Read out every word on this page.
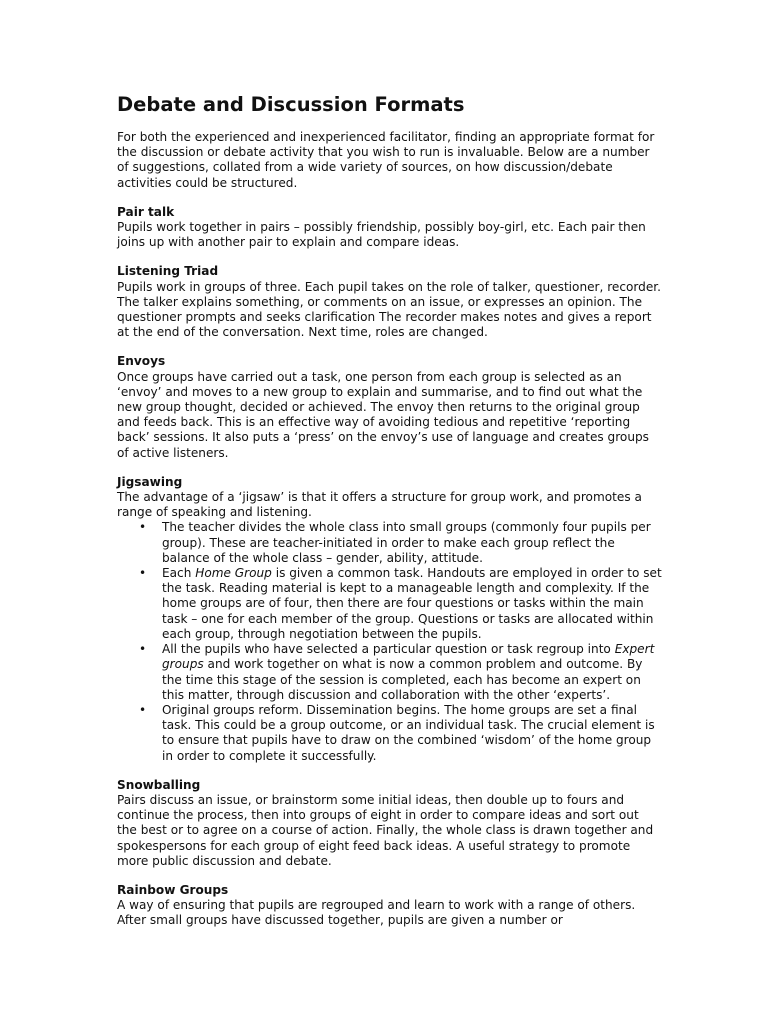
Debate and Discussion Formats

For both the experienced and inexperienced facilitator, finding an appropriate format for the discussion or debate activity that you wish to run is invaluable. Below are a number of suggestions, collated from a wide variety of sources, on how discussion/debate activities could be structured.

Pair talk

Pupils work together in pairs – possibly friendship, possibly boy-girl, etc. Each pair then joins up with another pair to explain and compare ideas.

Listening Triad

Pupils work in groups of three. Each pupil takes on the role of talker, questioner, recorder. The talker explains something, or comments on an issue, or expresses an opinion. The questioner prompts and seeks clarification The recorder makes notes and gives a report at the end of the conversation. Next time, roles are changed.

Envoys

Once groups have carried out a task, one person from each group is selected as an ‘envoy’ and moves to a new group to explain and summarise, and to find out what the new group thought, decided or achieved. The envoy then returns to the original group and feeds back. This is an effective way of avoiding tedious and repetitive ‘reporting back’ sessions. It also puts a ‘press’ on the envoy’s use of language and creates groups of active listeners.

Jigsawing

The advantage of a ‘jigsaw’ is that it offers a structure for group work, and promotes a range of speaking and listening.

• The teacher divides the whole class into small groups (commonly four pupils per group). These are teacher-initiated in order to make each group reflect the balance of the whole class – gender, ability, attitude.
• Each Home Group is given a common task. Handouts are employed in order to set the task. Reading material is kept to a manageable length and complexity. If the home groups are of four, then there are four questions or tasks within the main task – one for each member of the group. Questions or tasks are allocated within each group, through negotiation between the pupils.
• All the pupils who have selected a particular question or task regroup into Expert groups and work together on what is now a common problem and outcome. By the time this stage of the session is completed, each has become an expert on this matter, through discussion and collaboration with the other ‘experts’.
• Original groups reform. Dissemination begins. The home groups are set a final task. This could be a group outcome, or an individual task. The crucial element is to ensure that pupils have to draw on the combined ‘wisdom’ of the home group in order to complete it successfully.
Snowballing

Pairs discuss an issue, or brainstorm some initial ideas, then double up to fours and continue the process, then into groups of eight in order to compare ideas and sort out the best or to agree on a course of action. Finally, the whole class is drawn together and spokespersons for each group of eight feed back ideas. A useful strategy to promote more public discussion and debate.

Rainbow Groups

A way of ensuring that pupils are regrouped and learn to work with a range of others. After small groups have discussed together, pupils are given a number or
